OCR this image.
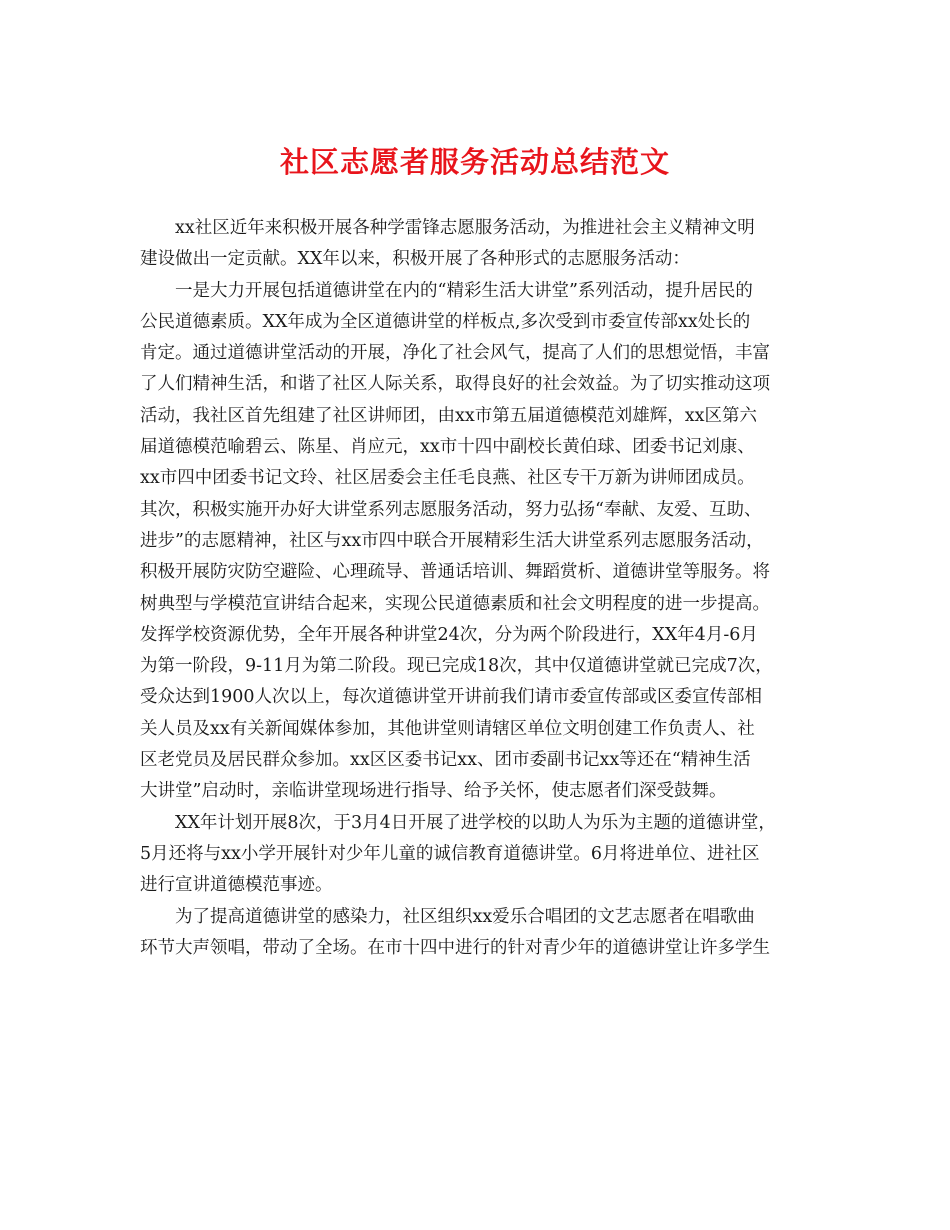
社区志愿者服务活动总结范文
xx社区近年来积极开展各种学雷锋志愿服务活动，为推进社会主义精神文明
建设做出一定贡献。XX年以来，积极开展了各种形式的志愿服务活动：
一是大力开展包括道德讲堂在内的“精彩生活大讲堂”系列活动，提升居民的
公民道德素质。XX年成为全区道德讲堂的样板点,多次受到市委宣传部xx处长的
肯定。通过道德讲堂活动的开展，净化了社会风气，提高了人们的思想觉悟，丰富
了人们精神生活，和谐了社区人际关系，取得良好的社会效益。为了切实推动这项
活动，我社区首先组建了社区讲师团，由xx市第五届道德模范刘雄辉，xx区第六
届道德模范喻碧云、陈星、肖应元，xx市十四中副校长黄伯球、团委书记刘康、
xx市四中团委书记文玲、社区居委会主任毛良燕、社区专干万新为讲师团成员。
其次，积极实施开办好大讲堂系列志愿服务活动，努力弘扬“奉献、友爱、互助、
进步”的志愿精神，社区与xx市四中联合开展精彩生活大讲堂系列志愿服务活动，
积极开展防灾防空避险、心理疏导、普通话培训、舞蹈赏析、道德讲堂等服务。将
树典型与学模范宣讲结合起来，实现公民道德素质和社会文明程度的进一步提高。
发挥学校资源优势，全年开展各种讲堂24次，分为两个阶段进行，XX年4月-6月
为第一阶段，9-11月为第二阶段。现已完成18次，其中仅道德讲堂就已完成7次，
受众达到1900人次以上，每次道德讲堂开讲前我们请市委宣传部或区委宣传部相
关人员及xx有关新闻媒体参加，其他讲堂则请辖区单位文明创建工作负责人、社
区老党员及居民群众参加。xx区区委书记xx、团市委副书记xx等还在“精神生活
大讲堂”启动时，亲临讲堂现场进行指导、给予关怀，使志愿者们深受鼓舞。
XX年计划开展8次，于3月4日开展了进学校的以助人为乐为主题的道德讲堂，
5月还将与xx小学开展针对少年儿童的诚信教育道德讲堂。6月将进单位、进社区
进行宣讲道德模范事迹。
为了提高道德讲堂的感染力，社区组织xx爱乐合唱团的文艺志愿者在唱歌曲
环节大声领唱，带动了全场。在市十四中进行的针对青少年的道德讲堂让许多学生
